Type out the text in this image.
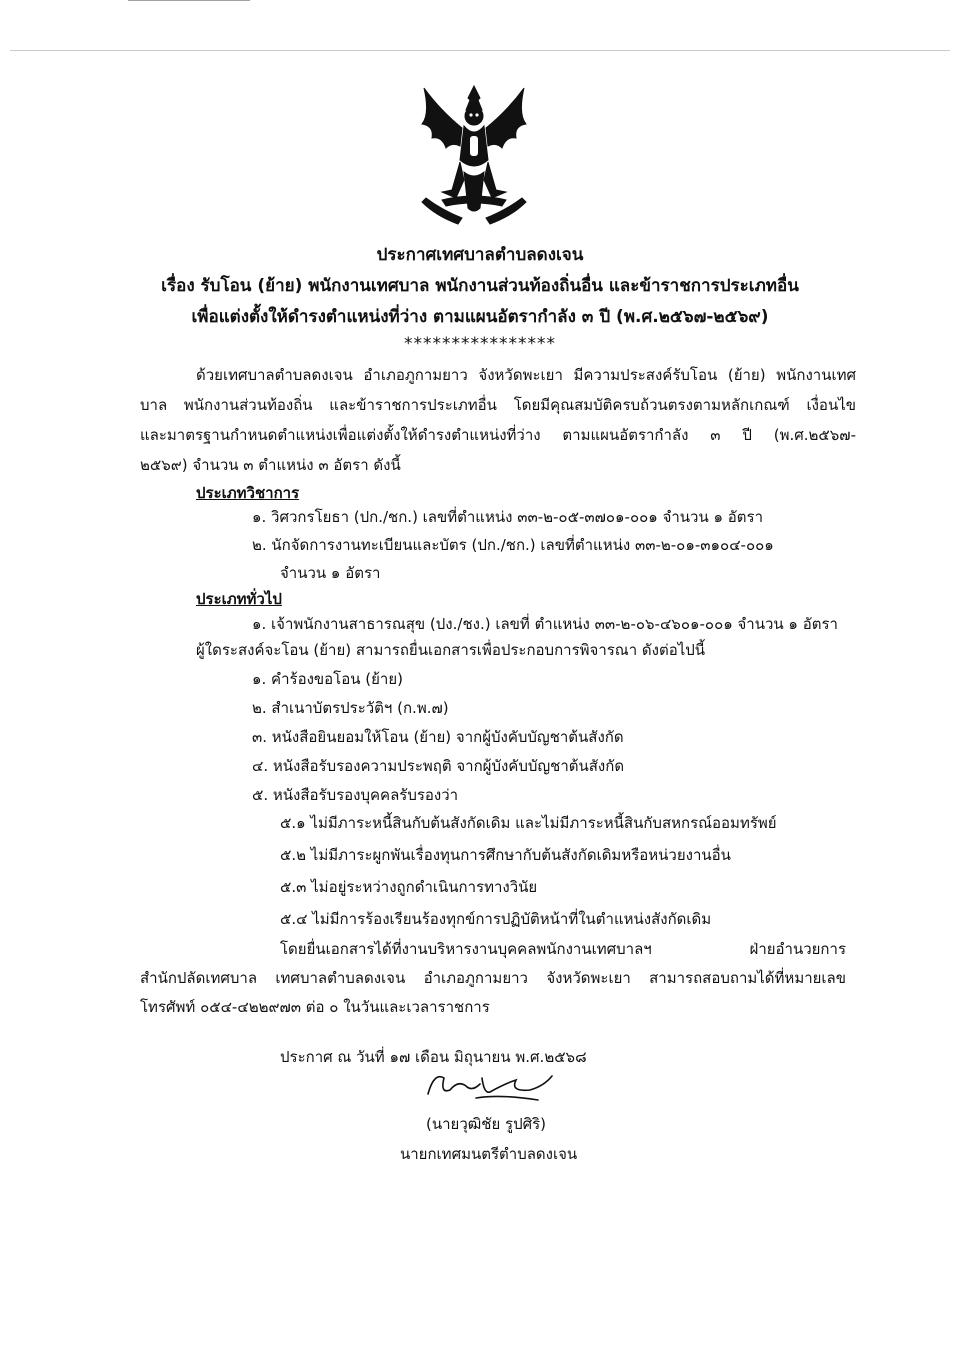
ประกาศเทศบาลตำบลดงเจน
เรื่อง รับโอน (ย้าย) พนักงานเทศบาล พนักงานส่วนท้องถิ่นอื่น และข้าราชการประเภทอื่น
เพื่อแต่งตั้งให้ดำรงตำแหน่งที่ว่าง ตามแผนอัตรากำลัง ๓ ปี (พ.ศ.๒๕๖๗-๒๕๖๙)
****************
ด้วยเทศบาลตำบลดงเจน อำเภอภูกามยาว จังหวัดพะเยา มีความประสงค์รับโอน (ย้าย) พนักงานเทศ
บาล พนักงานส่วนท้องถิ่น และข้าราชการประเภทอื่น โดยมีคุณสมบัติครบถ้วนตรงตามหลักเกณฑ์ เงื่อนไข
และมาตรฐานกำหนดตำแหน่งเพื่อแต่งตั้งให้ดำรงตำแหน่งที่ว่าง ตามแผนอัตรากำลัง ๓ ปี (พ.ศ.๒๕๖๗-
๒๕๖๙) จำนวน ๓ ตำแหน่ง ๓ อัตรา ดังนี้
ประเภทวิชาการ
๑. วิศวกรโยธา (ปก./ชก.) เลขที่ตำแหน่ง ๓๓-๒-๐๕-๓๗๐๑-๐๐๑ จำนวน ๑ อัตรา
๒. นักจัดการงานทะเบียนและบัตร (ปก./ชก.) เลขที่ตำแหน่ง ๓๓-๒-๐๑-๓๑๐๔-๐๐๑
จำนวน ๑ อัตรา
ประเภททั่วไป
๑. เจ้าพนักงานสาธารณสุข (ปง./ชง.) เลขที่ ตำแหน่ง ๓๓-๒-๐๖-๔๖๐๑-๐๐๑ จำนวน ๑ อัตรา
ผู้ใดระสงค์จะโอน (ย้าย) สามารถยื่นเอกสารเพื่อประกอบการพิจารณา ดังต่อไปนี้
๑. คำร้องขอโอน (ย้าย)
๒. สำเนาบัตรประวัติฯ (ก.พ.๗)
๓. หนังสือยินยอมให้โอน (ย้าย) จากผู้บังคับบัญชาต้นสังกัด
๔. หนังสือรับรองความประพฤติ จากผู้บังคับบัญชาต้นสังกัด
๕. หนังสือรับรองบุคคลรับรองว่า
๕.๑ ไม่มีภาระหนี้สินกับต้นสังกัดเดิม และไม่มีภาระหนี้สินกับสหกรณ์ออมทรัพย์
๕.๒ ไม่มีภาระผูกพันเรื่องทุนการศึกษากับต้นสังกัดเดิมหรือหน่วยงานอื่น
๕.๓ ไม่อยู่ระหว่างถูกดำเนินการทางวินัย
๕.๔ ไม่มีการร้องเรียนร้องทุกข์การปฏิบัติหน้าที่ในตำแหน่งสังกัดเดิม
โดยยื่นเอกสารได้ที่งานบริหารงานบุคคลพนักงานเทศบาลฯ ฝ่ายอำนวยการ
สำนักปลัดเทศบาล เทศบาลตำบลดงเจน อำเภอภูกามยาว จังหวัดพะเยา สามารถสอบถามได้ที่หมายเลข
โทรศัพท์ ๐๕๔-๔๒๒๙๗๓ ต่อ ๐ ในวันและเวลาราชการ
ประกาศ ณ วันที่ ๑๗ เดือน มิถุนายน พ.ศ.๒๕๖๘
(นายวุฒิชัย รูปศิริ)
นายกเทศมนตรีตำบลดงเจน
